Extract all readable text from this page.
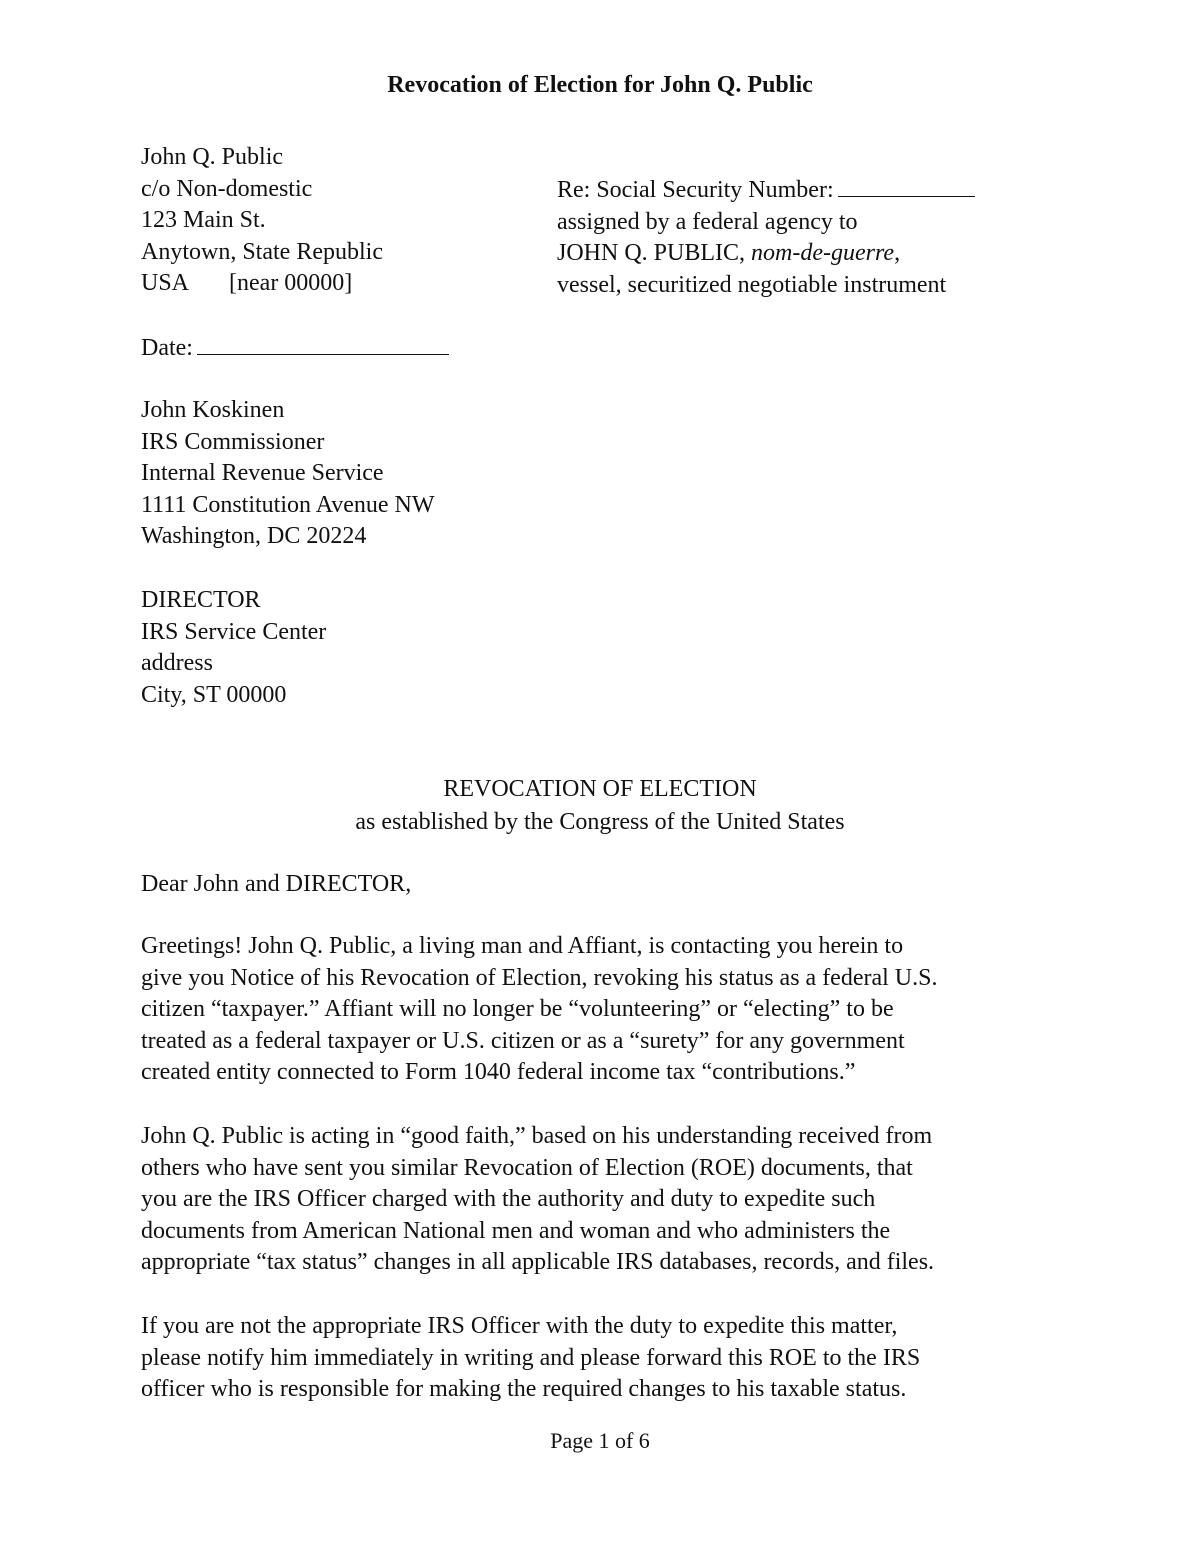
Revocation of Election for John Q. Public
John Q. Public
c/o Non-domestic
123 Main St.
Anytown, State Republic
USA [near 00000]
Re: Social Security Number:
assigned by a federal agency to
JOHN Q. PUBLIC, nom-de-guerre,
vessel, securitized negotiable instrument
Date:
John Koskinen
IRS Commissioner
Internal Revenue Service
1111 Constitution Avenue NW
Washington, DC 20224
DIRECTOR
IRS Service Center
address
City, ST 00000
REVOCATION OF ELECTION
as established by the Congress of the United States
Dear John and DIRECTOR,
Greetings! John Q. Public, a living man and Affiant, is contacting you herein to
give you Notice of his Revocation of Election, revoking his status as a federal U.S.
citizen “taxpayer.” Affiant will no longer be “volunteering” or “electing” to be
treated as a federal taxpayer or U.S. citizen or as a “surety” for any government
created entity connected to Form 1040 federal income tax “contributions.”
John Q. Public is acting in “good faith,” based on his understanding received from
others who have sent you similar Revocation of Election (ROE) documents, that
you are the IRS Officer charged with the authority and duty to expedite such
documents from American National men and woman and who administers the
appropriate “tax status” changes in all applicable IRS databases, records, and files.
If you are not the appropriate IRS Officer with the duty to expedite this matter,
please notify him immediately in writing and please forward this ROE to the IRS
officer who is responsible for making the required changes to his taxable status.
Page 1 of 6
